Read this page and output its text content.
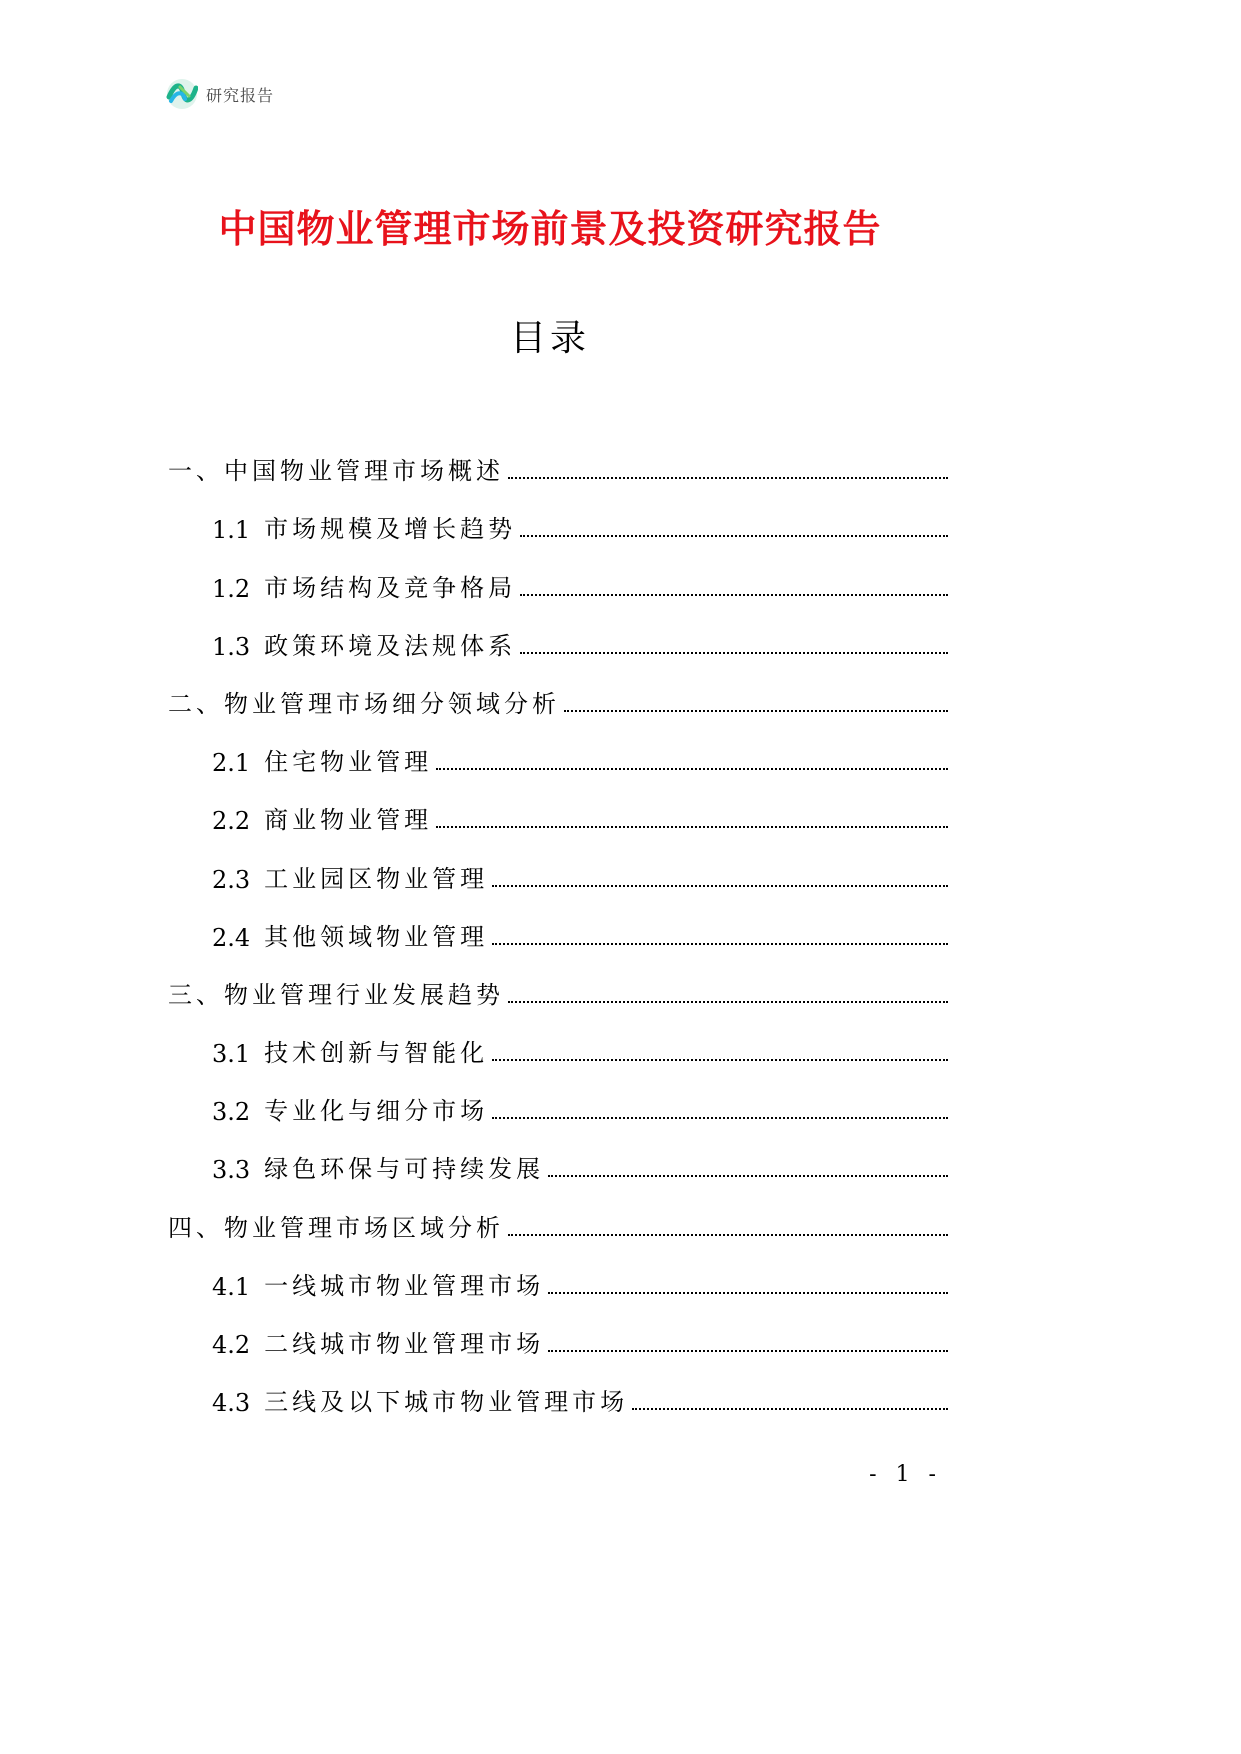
研究报告
中国物业管理市场前景及投资研究报告
目录
一、中国物业管理市场概述
1.1 市场规模及增长趋势
1.2 市场结构及竞争格局
1.3 政策环境及法规体系
二、物业管理市场细分领域分析
2.1 住宅物业管理
2.2 商业物业管理
2.3 工业园区物业管理
2.4 其他领域物业管理
三、物业管理行业发展趋势
3.1 技术创新与智能化
3.2 专业化与细分市场
3.3 绿色环保与可持续发展
四、物业管理市场区域分析
4.1 一线城市物业管理市场
4.2 二线城市物业管理市场
4.3 三线及以下城市物业管理市场
- 1 -
